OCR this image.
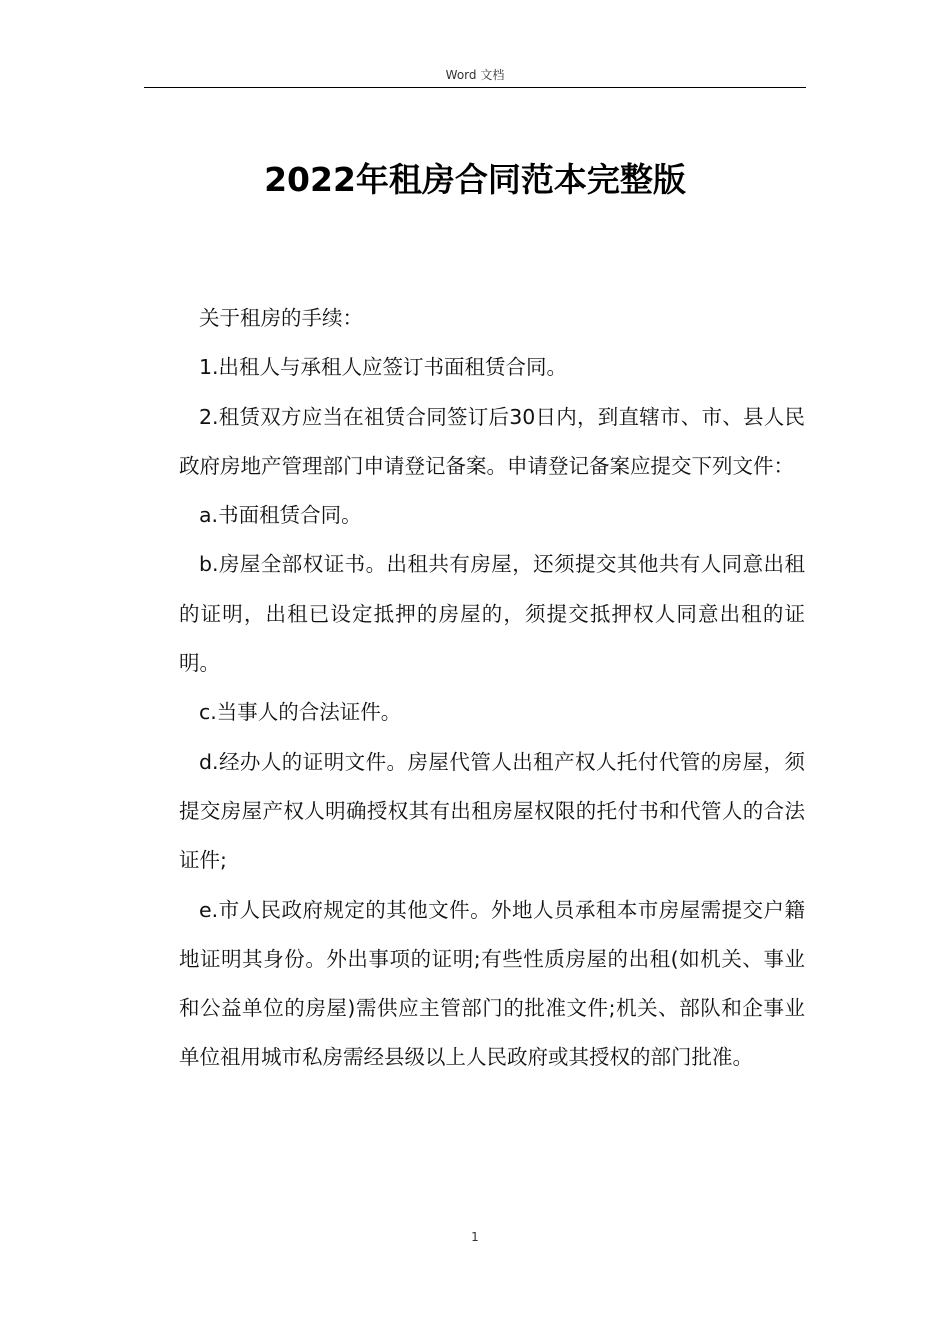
Word 文档
2022年租房合同范本完整版

关于租房的手续：

1.出租人与承租人应签订书面租赁合同。

2.租赁双方应当在祖赁合同签订后30日内，到直辖市、市、县人民政府房地产管理部门申请登记备案。申请登记备案应提交下列文件：

a.书面租赁合同。

b.房屋全部权证书。出租共有房屋，还须提交其他共有人同意出租的证明，出租已设定抵押的房屋的，须提交抵押权人同意出租的证明。

c.当事人的合法证件。

d.经办人的证明文件。房屋代管人出租产权人托付代管的房屋，须提交房屋产权人明确授权其有出租房屋权限的托付书和代管人的合法证件;

e.市人民政府规定的其他文件。外地人员承租本市房屋需提交户籍地证明其身份。外出事项的证明;有些性质房屋的出租(如机关、事业和公益单位的房屋)需供应主管部门的批准文件;机关、部队和企事业单位祖用城市私房需经县级以上人民政府或其授权的部门批准。

1
